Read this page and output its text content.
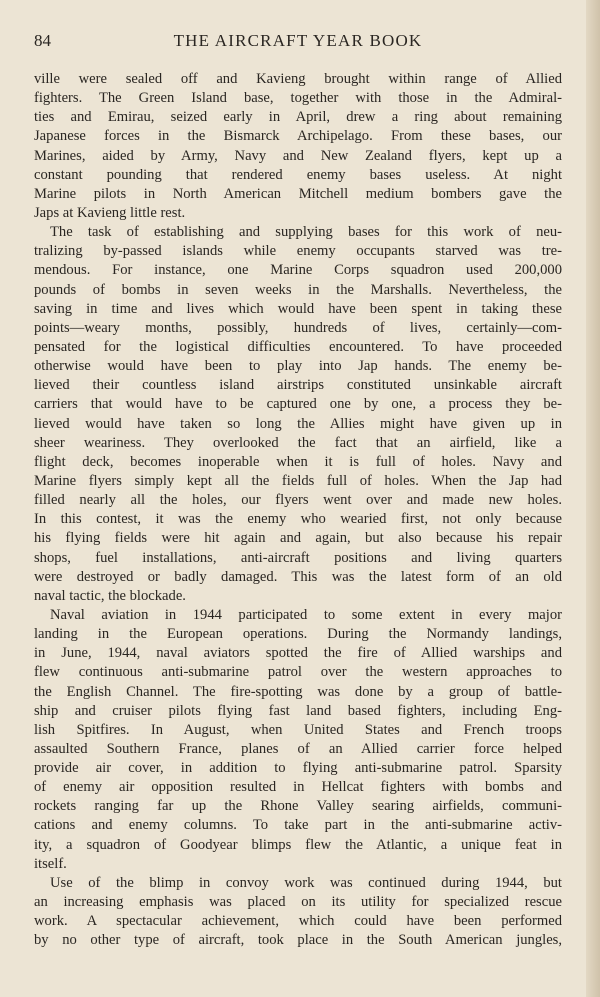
84	THE AIRCRAFT YEAR BOOK
ville were sealed off and Kavieng brought within range of Allied
fighters. The Green Island base, together with those in the Admiral-
ties and Emirau, seized early in April, drew a ring about remaining
Japanese forces in the Bismarck Archipelago. From these bases, our
Marines, aided by Army, Navy and New Zealand flyers, kept up a
constant pounding that rendered enemy bases useless. At night
Marine pilots in North American Mitchell medium bombers gave the
Japs at Kavieng little rest.
The task of establishing and supplying bases for this work of neu-
tralizing by-passed islands while enemy occupants starved was tre-
mendous. For instance, one Marine Corps squadron used 200,000
pounds of bombs in seven weeks in the Marshalls. Nevertheless, the
saving in time and lives which would have been spent in taking these
points—weary months, possibly, hundreds of lives, certainly—com-
pensated for the logistical difficulties encountered. To have proceeded
otherwise would have been to play into Jap hands. The enemy be-
lieved their countless island airstrips constituted unsinkable aircraft
carriers that would have to be captured one by one, a process they be-
lieved would have taken so long the Allies might have given up in
sheer weariness. They overlooked the fact that an airfield, like a
flight deck, becomes inoperable when it is full of holes. Navy and
Marine flyers simply kept all the fields full of holes. When the Jap had
filled nearly all the holes, our flyers went over and made new holes.
In this contest, it was the enemy who wearied first, not only because
his flying fields were hit again and again, but also because his repair
shops, fuel installations, anti-aircraft positions and living quarters
were destroyed or badly damaged. This was the latest form of an old
naval tactic, the blockade.
Naval aviation in 1944 participated to some extent in every major
landing in the European operations. During the Normandy landings,
in June, 1944, naval aviators spotted the fire of Allied warships and
flew continuous anti-submarine patrol over the western approaches to
the English Channel. The fire-spotting was done by a group of battle-
ship and cruiser pilots flying fast land based fighters, including Eng-
lish Spitfires. In August, when United States and French troops
assaulted Southern France, planes of an Allied carrier force helped
provide air cover, in addition to flying anti-submarine patrol. Sparsity
of enemy air opposition resulted in Hellcat fighters with bombs and
rockets ranging far up the Rhone Valley searing airfields, communi-
cations and enemy columns. To take part in the anti-submarine activ-
ity, a squadron of Goodyear blimps flew the Atlantic, a unique feat in
itself.
Use of the blimp in convoy work was continued during 1944, but
an increasing emphasis was placed on its utility for specialized rescue
work. A spectacular achievement, which could have been performed
by no other type of aircraft, took place in the South American jungles,
